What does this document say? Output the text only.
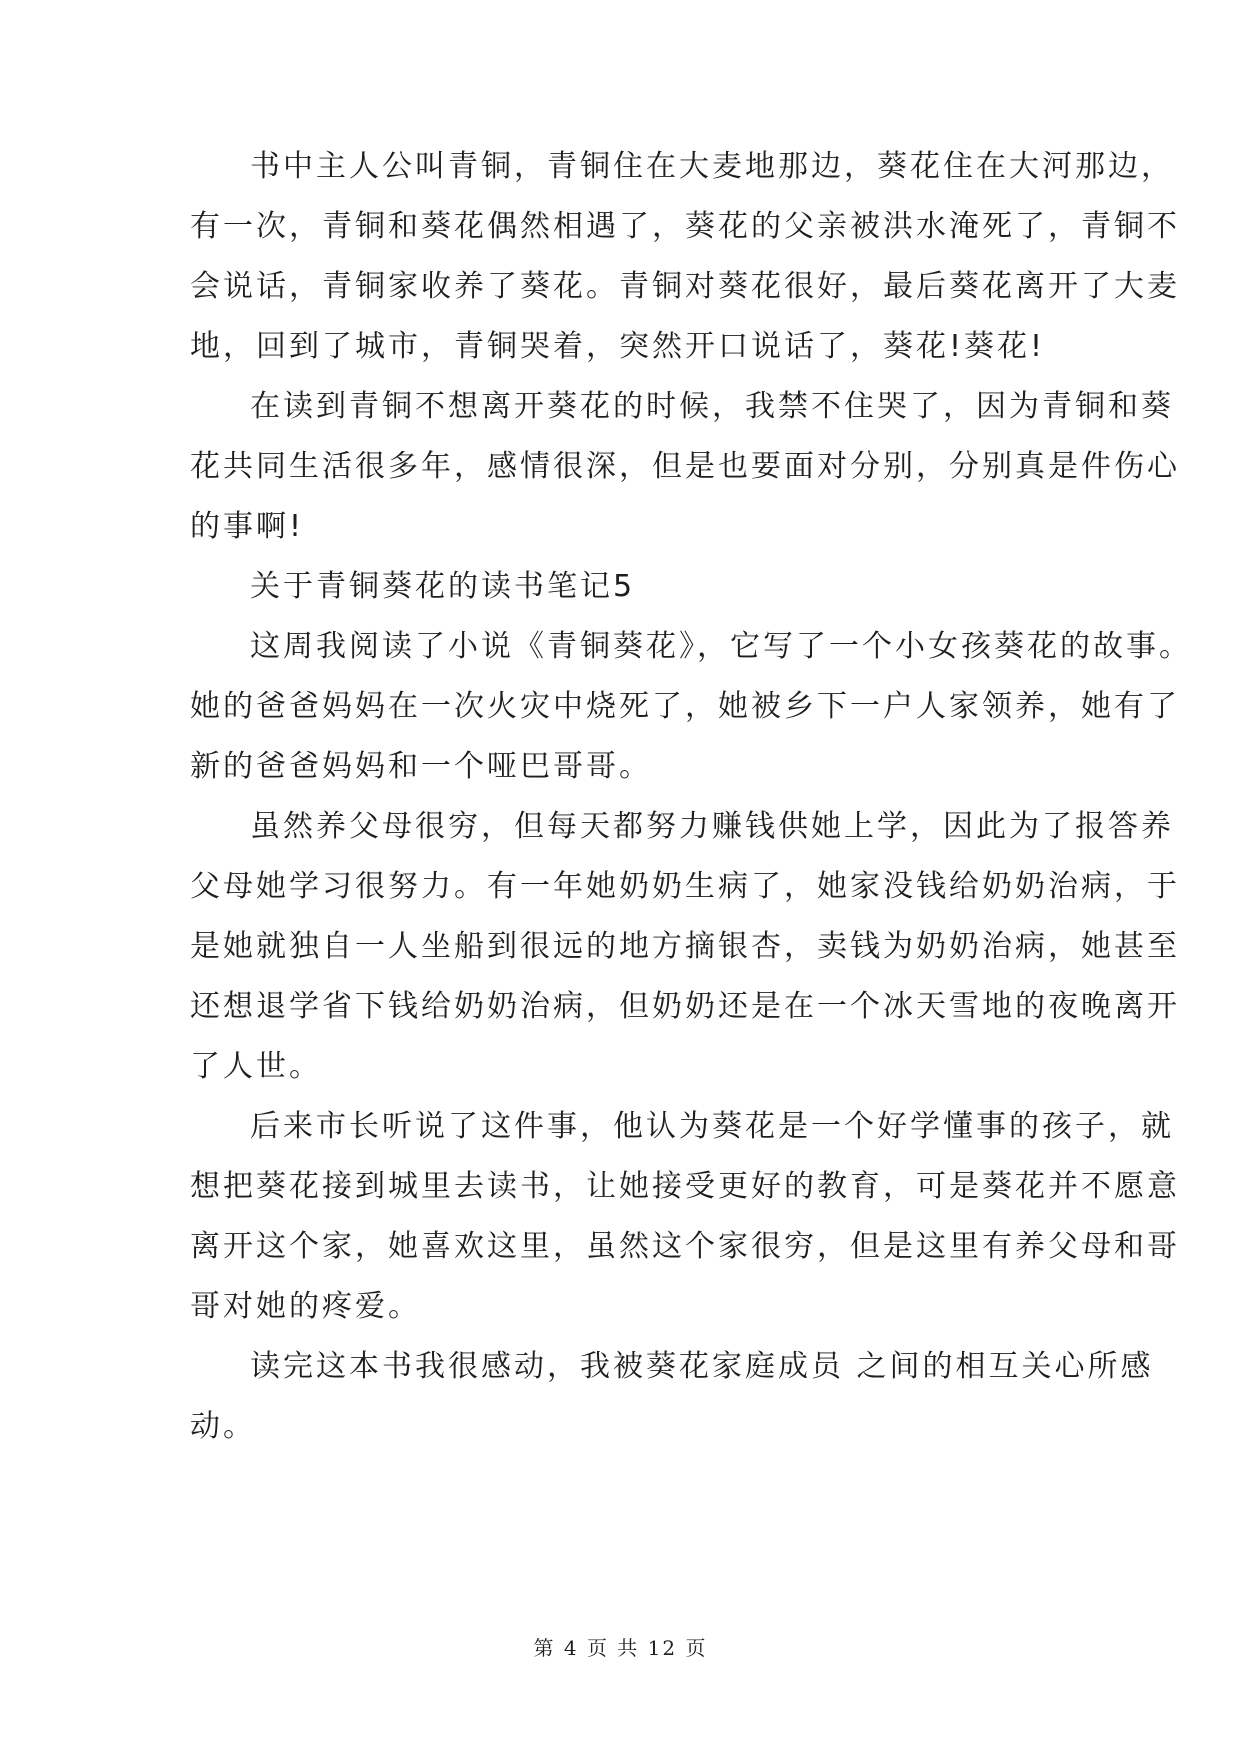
书中主人公叫青铜，青铜住在大麦地那边，葵花住在大河那边，
有一次，青铜和葵花偶然相遇了，葵花的父亲被洪水淹死了，青铜不
会说话，青铜家收养了葵花。青铜对葵花很好，最后葵花离开了大麦
地，回到了城市，青铜哭着，突然开口说话了，葵花!葵花!
在读到青铜不想离开葵花的时候，我禁不住哭了，因为青铜和葵
花共同生活很多年，感情很深，但是也要面对分别，分别真是件伤心
的事啊!
关于青铜葵花的读书笔记5
这周我阅读了小说《青铜葵花》，它写了一个小女孩葵花的故事。
她的爸爸妈妈在一次火灾中烧死了，她被乡下一户人家领养，她有了
新的爸爸妈妈和一个哑巴哥哥。
虽然养父母很穷，但每天都努力赚钱供她上学，因此为了报答养
父母她学习很努力。有一年她奶奶生病了，她家没钱给奶奶治病，于
是她就独自一人坐船到很远的地方摘银杏，卖钱为奶奶治病，她甚至
还想退学省下钱给奶奶治病，但奶奶还是在一个冰天雪地的夜晚离开
了人世。
后来市长听说了这件事，他认为葵花是一个好学懂事的孩子，就
想把葵花接到城里去读书，让她接受更好的教育，可是葵花并不愿意
离开这个家，她喜欢这里，虽然这个家很穷，但是这里有养父母和哥
哥对她的疼爱。
读完这本书我很感动，我被葵花家庭成员 之间的相互关心所感
动。
第 4 页 共 12 页
